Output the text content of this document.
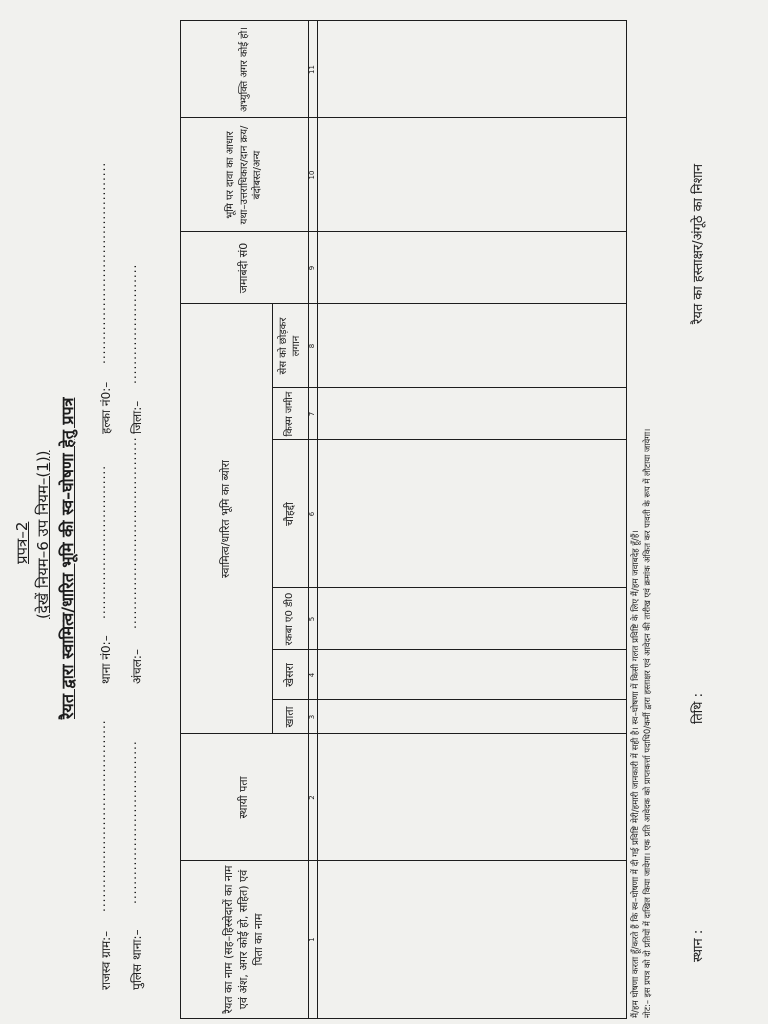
प्रपत्र–2 (देखें नियम–6 उप नियम–(1)) रैयत द्वारा स्वामित्व/धारित भूमि की स्व–घोषणा हेतु प्रपत्र
राजस्व ग्राम:–
........................................
थाना नं0:–
................................
हल्का नं0:–
..........................................
पुलिस थाना:–
..................................
अंचल:–
........................................
जिला:–
.........................
रैयत का नाम (सह–हिस्सेदारों का नाम एवं अंश, अगर कोई हो, सहित) एवं पिता का नाम
स्थायी पता
स्वामित्व/धारित भूमि का ब्योरा
खाता
खेसरा
रकबा ए0 डी0
चौहद्दी
किस्म जमीन
सेस को छोड़कर लगान
जमाबंदी सं0
भूमि पर दावा का आधार यथा–उत्तराधिकार/दान क्रय/बंदोबस्त/अन्य
अभ्युक्ति अगर कोई हो।
1
2
3
4
5
6
7
8
9
10
11
मैं/हम घोषणा करता हूँ/करते हैं कि स्व–घोषणा में दी गई प्रविष्टि मेरी/हमारी जानकारी में सही है। स्व–घोषणा में किसी गलत प्रविष्टि के लिए मैं/हम जवाबदेह हूँ/हैं। नोट:– इस प्रपत्र को दो प्रतियों में दाखिल किया जायेगा। एक प्रति आवेदक को प्राप्तकर्त्ता पदाधि0/कर्मी द्वारा हस्ताक्षर एवं आवेदन की तारीख एवं क्रमांक अंकित कर पावती के रूप में लौटाया जायेगा।	स्थान :
तिथि :
रैयत का हस्ताक्षर/अंगूठे का निशान
